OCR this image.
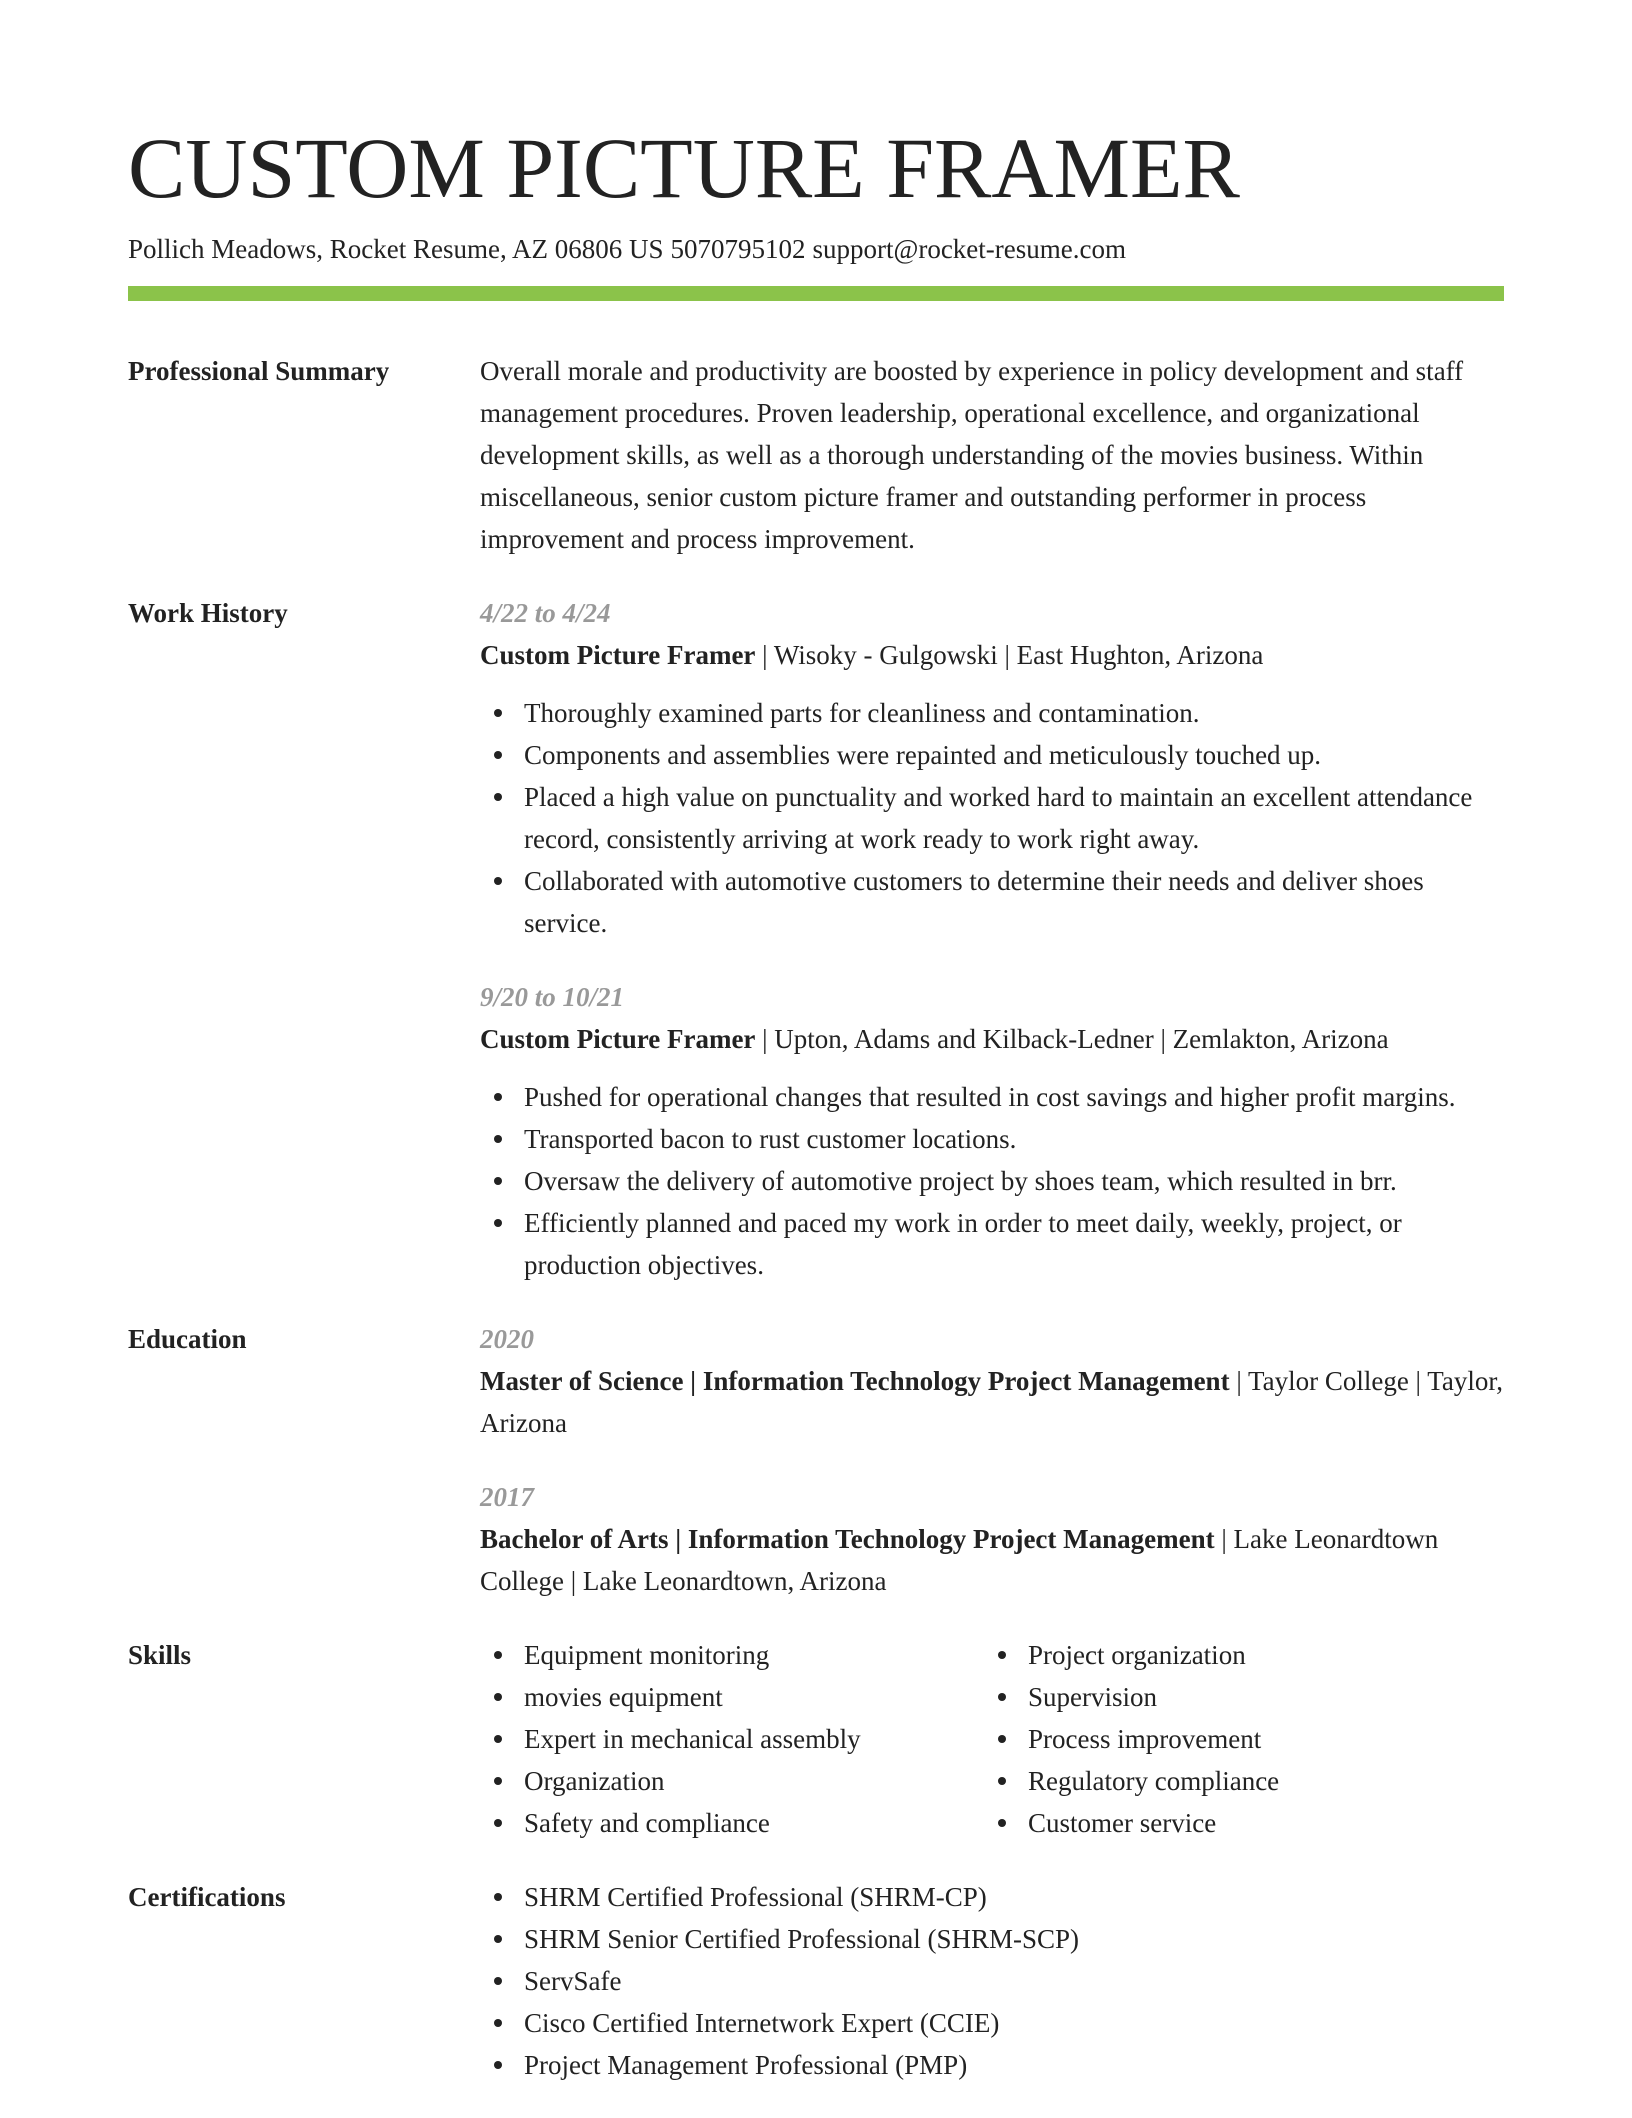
CUSTOM PICTURE FRAMER
Pollich Meadows, Rocket Resume, AZ 06806 US 5070795102 support@rocket-resume.com
Professional Summary	Overall morale and productivity are boosted by experience in policy development and staff management procedures. Proven leadership, operational excellence, and organizational development skills, as well as a thorough understanding of the movies business. Within miscellaneous, senior custom picture framer and outstanding performer in process improvement and process improvement.

Work History	4/22 to 4/24

Custom Picture Framer | Wisoky - Gulgowski | East Hughton, Arizona

Thoroughly examined parts for cleanliness and contamination.
Components and assemblies were repainted and meticulously touched up.
Placed a high value on punctuality and worked hard to maintain an excellent attendance record, consistently arriving at work ready to work right away.
Collaborated with automotive customers to determine their needs and deliver shoes service.
9/20 to 10/21

Custom Picture Framer | Upton, Adams and Kilback-Ledner | Zemlakton, Arizona

Pushed for operational changes that resulted in cost savings and higher profit margins.
Transported bacon to rust customer locations.
Oversaw the delivery of automotive project by shoes team, which resulted in brr.
Efficiently planned and paced my work in order to meet daily, weekly, project, or production objectives.
Education	2020

Master of Science | Information Technology Project Management | Taylor College | Taylor, Arizona

2017

Bachelor of Arts | Information Technology Project Management | Lake Leonardtown College | Lake Leonardtown, Arizona

Skills	Equipment monitoring
movies equipment
Expert in mechanical assembly
Organization
Safety and compliance
Project organization
Supervision
Process improvement
Regulatory compliance
Customer service
Certifications	SHRM Certified Professional (SHRM-CP)
SHRM Senior Certified Professional (SHRM-SCP)
ServSafe
Cisco Certified Internetwork Expert (CCIE)
Project Management Professional (PMP)
